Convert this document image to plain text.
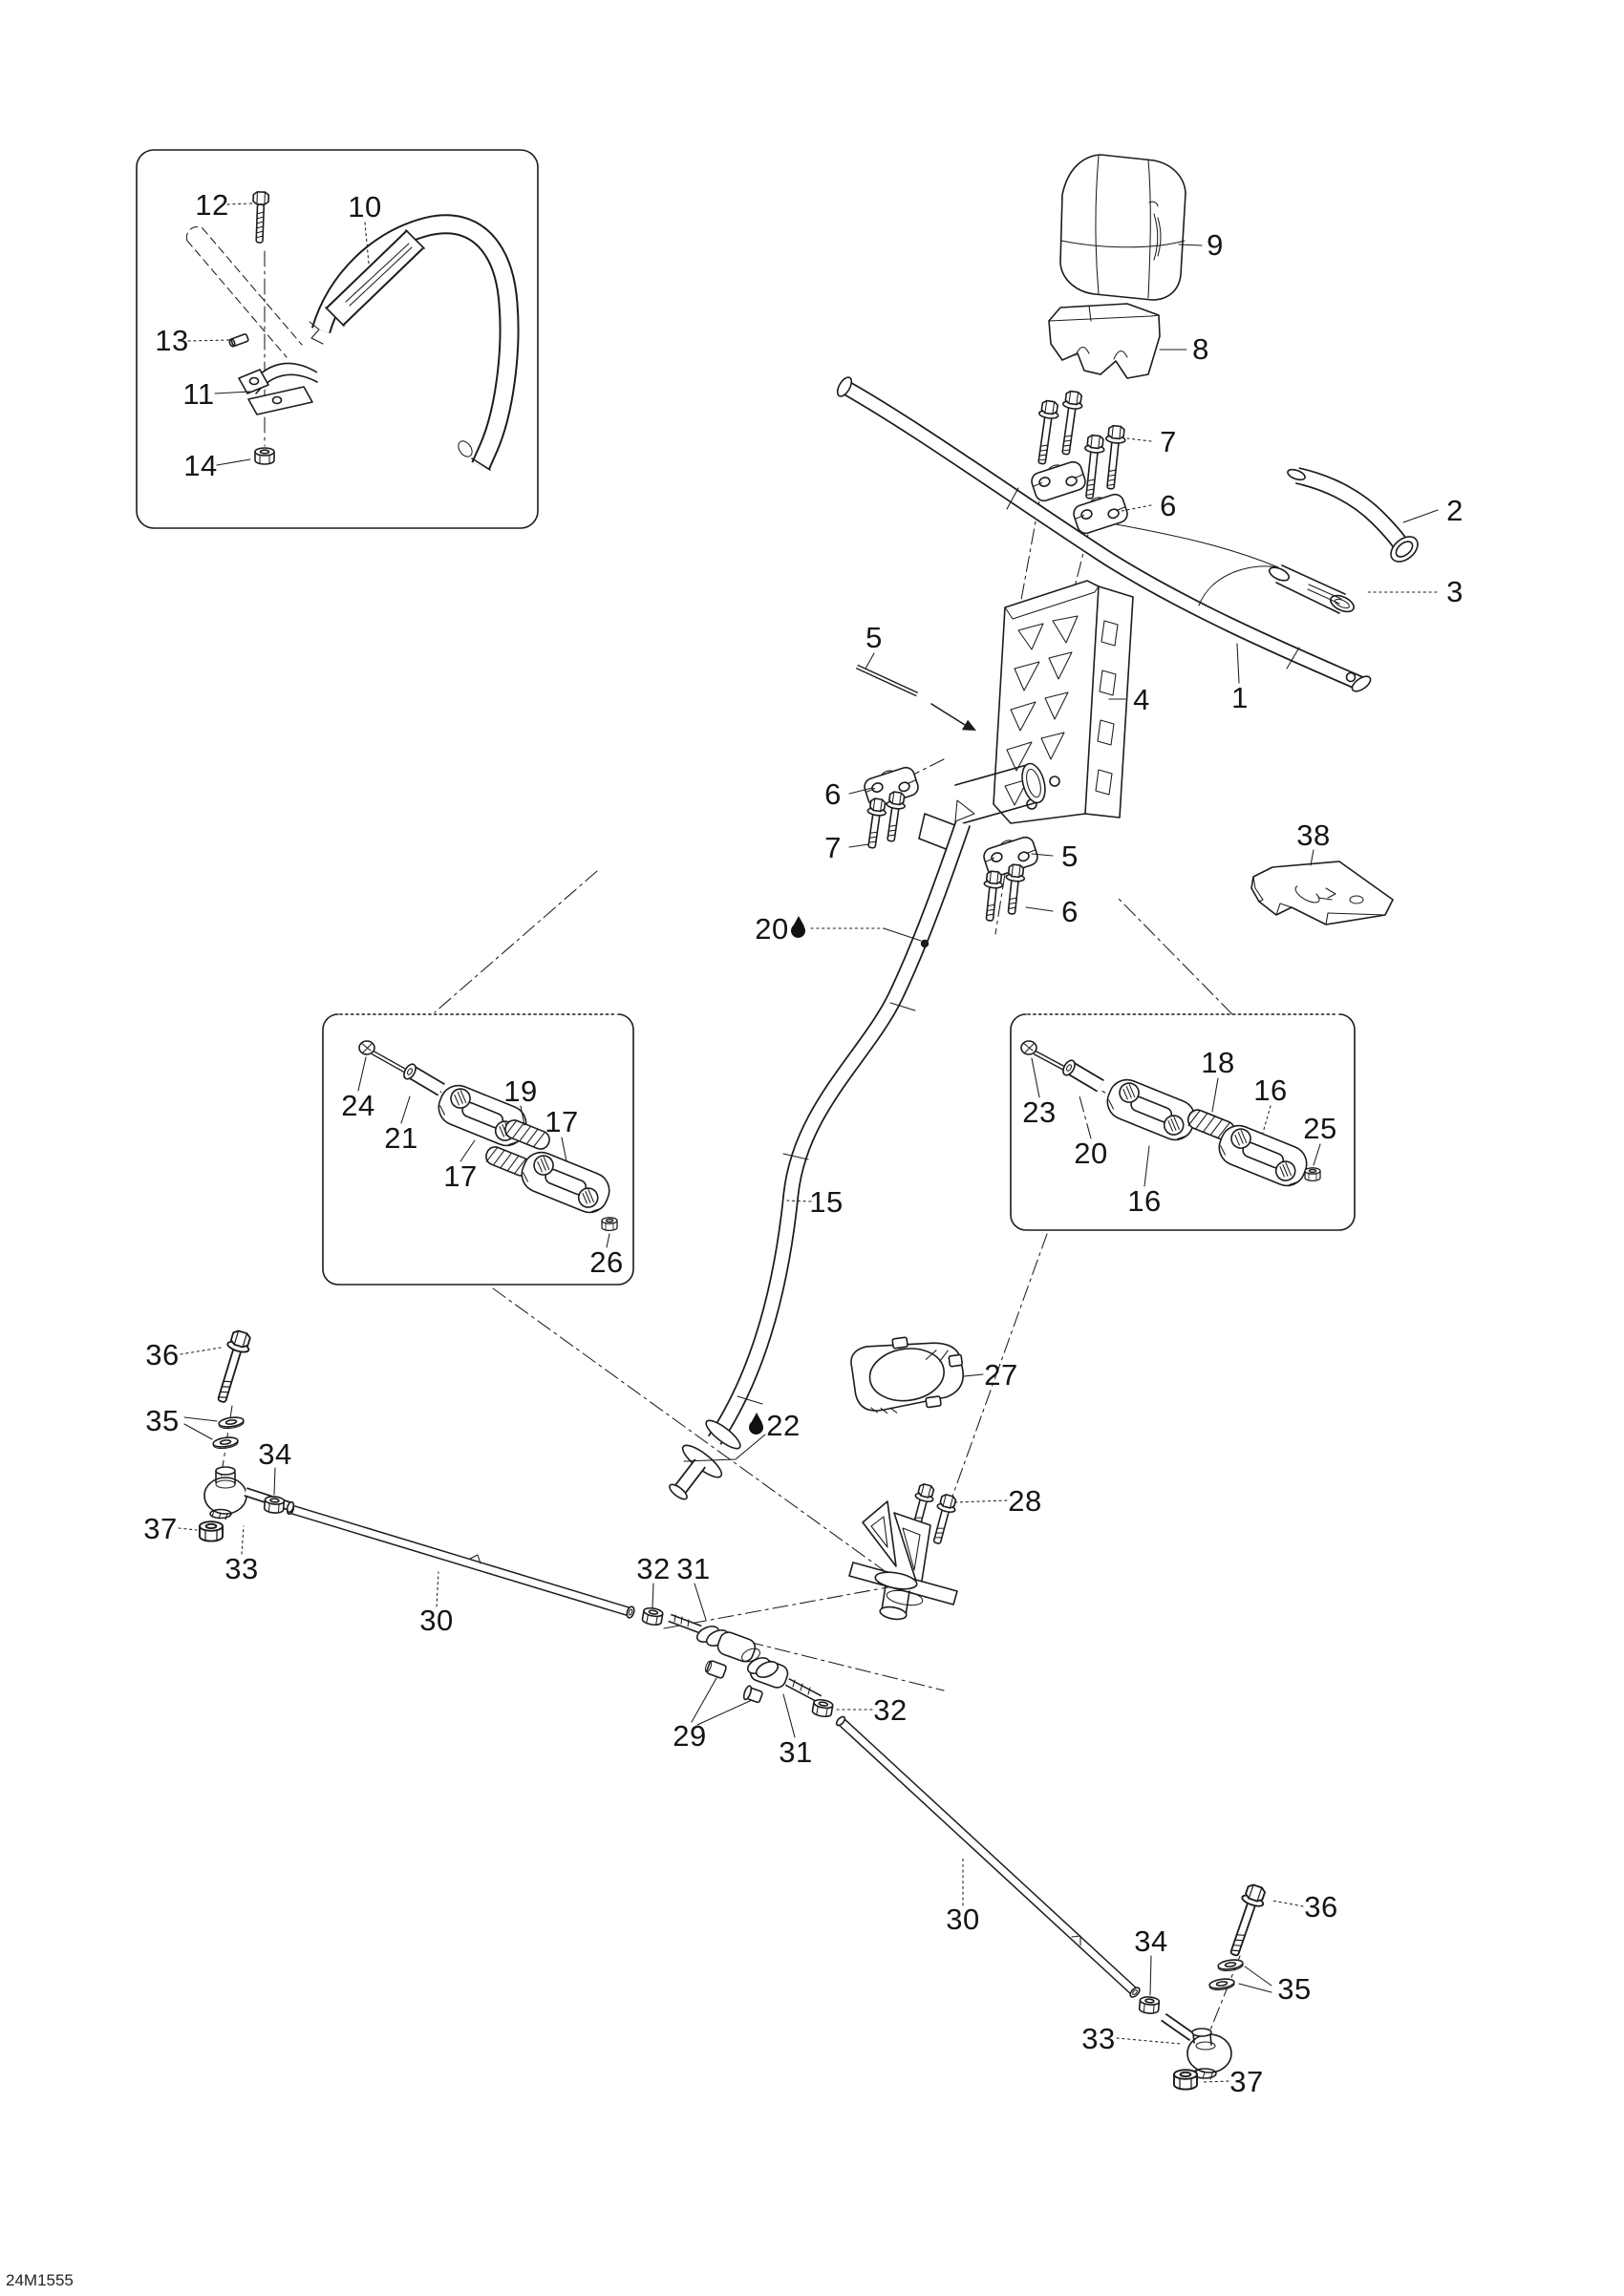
12	10
13
11
14
9
8
7
6	2
3
5
4	1
6
7	5
6
38
20
15
24
21
19
17
17
26
23
20
18
16
16
25
27
22
28
36
35
34
37
33
30
32 31
29 31
32
30	36
34
35
33
37
24M1555
